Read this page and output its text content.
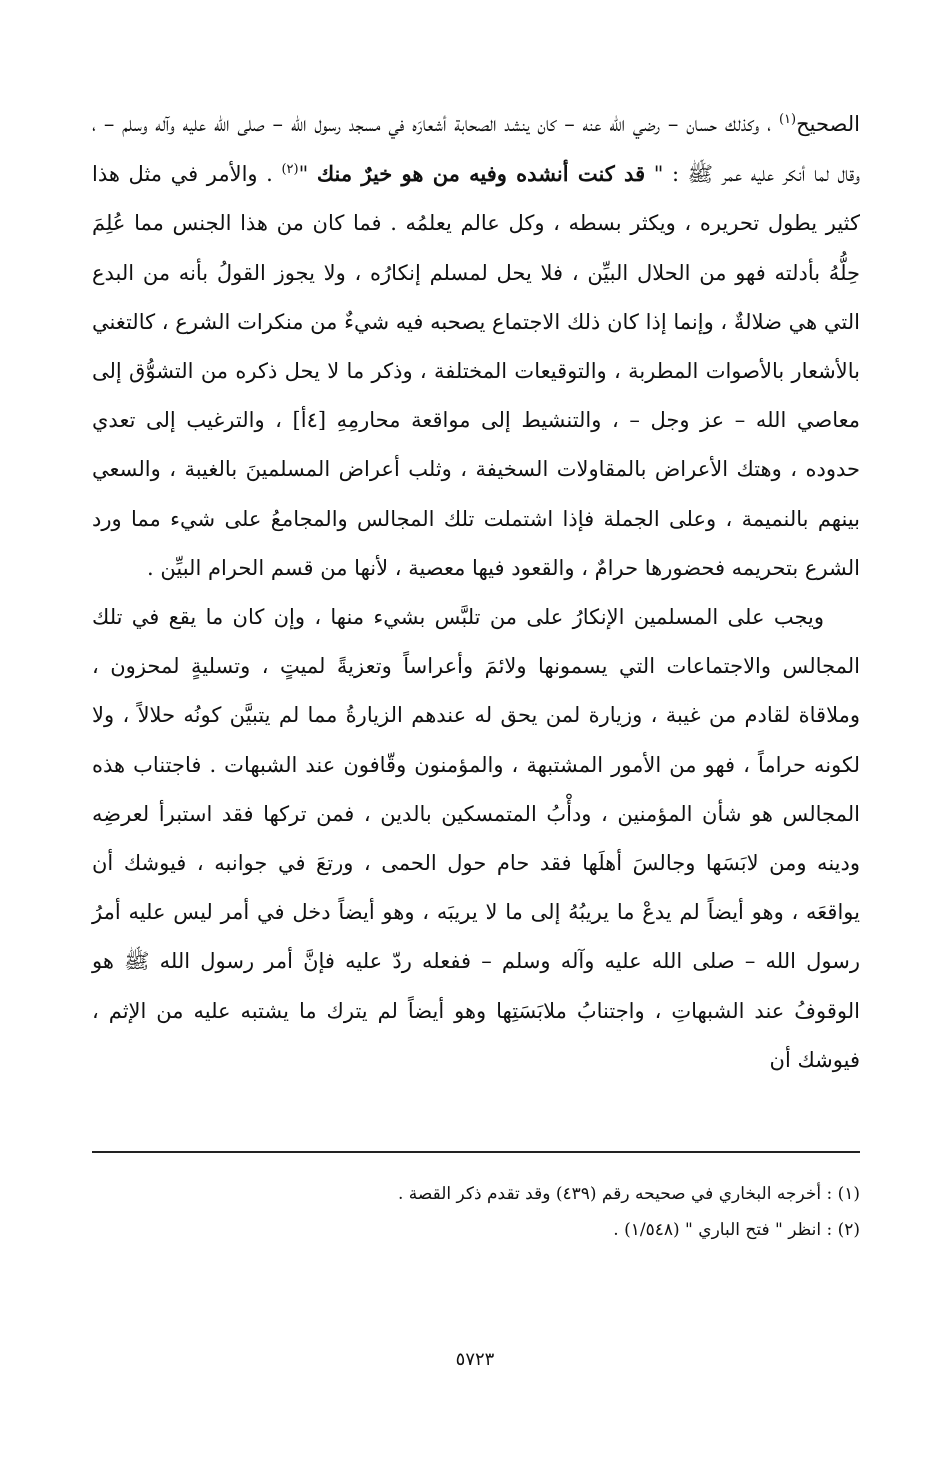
الصحيح$^{(١)}$ ، وكذلك حسان – رضي الله عنه – كان ينشد الصحابة أشعارَه في مسجد رسول الله – صلى الله عليه وآله وسلم – ، وقال لما أنكر عليه عمر ﷺ : " قد كنت أنشده وفيه من هو خيرٌ منك "$^{(٢)}$ . والأمر في مثل هذا كثير يطول تحريره ، ويكثر بسطه ، وكل عالم يعلمُه . فما كان من هذا الجنس مما عُلِمَ حِلُّهُ بأدلته فهو من الحلال البيِّن ، فلا يحل لمسلم إنكارُه ، ولا يجوز القولُ بأنه من البدع التي هي ضلالةٌ ، وإنما إذا كان ذلك الاجتماع يصحبه فيه شيءٌ من منكرات الشرع ، كالتغني بالأشعار بالأصوات المطربة ، والتوقيعات المختلفة ، وذكر ما لا يحل ذكره من التشوُّق إلى معاصي الله – عز وجل – ، والتنشيط إلى مواقعة محارمِهِ [٤أ] ، والترغيب إلى تعدي حدوده ، وهتك الأعراض بالمقاولات السخيفة ، وثلب أعراض المسلمينَ بالغيبة ، والسعي بينهم بالنميمة ، وعلى الجملة فإذا اشتملت تلك المجالس والمجامعُ على شيء مما ورد الشرع بتحريمه فحضورها حرامٌ ، والقعود فيها معصية ، لأنها من قسم الحرام البيِّن .

ويجب على المسلمين الإنكارُ على من تلبَّس بشيء منها ، وإن كان ما يقع في تلك المجالس والاجتماعات التي يسمونها ولائمَ وأعراساً وتعزيةً لميتٍ ، وتسليةٍ لمحزون ، وملاقاة لقادم من غيبة ، وزيارة لمن يحق له عندهم الزيارةُ مما لم يتبيَّن كونُه حلالاً ، ولا لكونه حراماً ، فهو من الأمور المشتبهة ، والمؤمنون وقّافون عند الشبهات . فاجتناب هذه المجالس هو شأن المؤمنين ، ودأْبُ المتمسكين بالدين ، فمن تركها فقد استبرأ لعرضِه ودينه ومن لابَسَها وجالسَ أهلَها فقد حام حول الحمى ، ورتعَ في جوانبه ، فيوشك أن يواقعَه ، وهو أيضاً لم يدعْ ما يريبُهُ إلى ما لا يريبَه ، وهو أيضاً دخل في أمر ليس عليه أمرُ رسول الله – صلى الله عليه وآله وسلم – ففعله ردّ عليه فإنَّ أمر رسول الله ﷺ هو الوقوفُ عند الشبهاتِ ، واجتنابُ ملابَسَتِها وهو أيضاً لم يترك ما يشتبه عليه من الإثم ، فيوشك أن

(١) : أخرجه البخاري في صحيحه رقم (٤٣٩) وقد تقدم ذكر القصة .

(٢) : انظر " فتح الباري " (١/٥٤٨) .

٥٧٢٣
